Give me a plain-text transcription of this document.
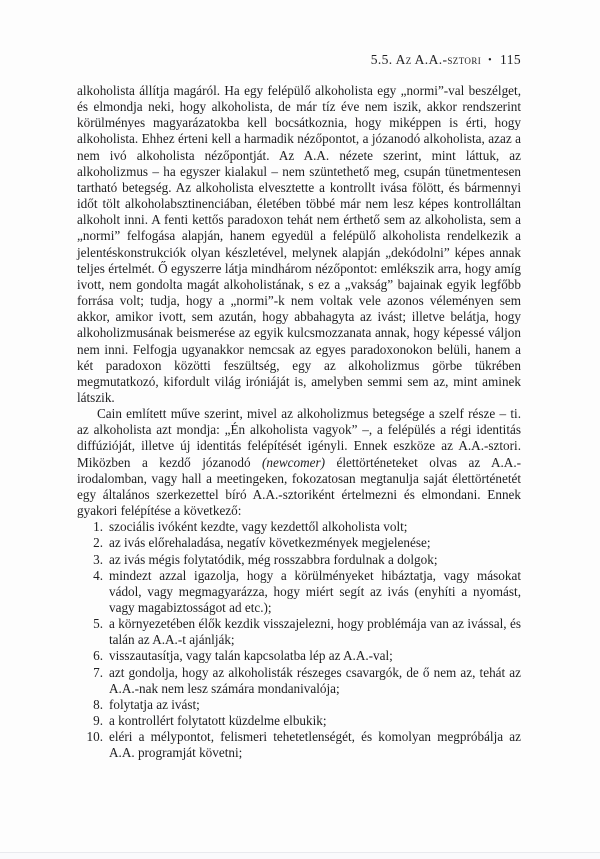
5.5. Az A.A.-sztori • 115

alkoholista állítja magáról. Ha egy felépülő alkoholista egy „normi”-val beszélget, és elmondja neki, hogy alkoholista, de már tíz éve nem iszik, akkor rendszerint körülményes magyarázatokba kell bocsátkoznia, hogy miképpen is érti, hogy alkoholista. Ehhez érteni kell a harmadik nézőpontot, a józanodó alkoholista, azaz a nem ivó alkoholista nézőpontját. Az A.A. nézete szerint, mint láttuk, az alkoholizmus – ha egyszer kialakul – nem szüntethető meg, csupán tünetmentesen tartható betegség. Az alkoholista elvesztette a kontrollt ivása fölött, és bármennyi időt tölt alkoholabsztinenciában, életében többé már nem lesz képes kontrolláltan alkoholt inni. A fenti kettős paradoxon tehát nem érthető sem az alkoholista, sem a „normi” felfogása alapján, hanem egyedül a felépülő alkoholista rendelkezik a jelentéskonstrukciók olyan készletével, melynek alapján „dekódolni” képes annak teljes értelmét. Ő egyszerre látja mindhárom nézőpontot: emlékszik arra, hogy amíg ivott, nem gondolta magát alkoholistának, s ez a „vakság” bajainak egyik legfőbb forrása volt; tudja, hogy a „normi”-k nem voltak vele azonos véleményen sem akkor, amikor ivott, sem azután, hogy abbahagyta az ivást; illetve belátja, hogy alkoholizmusának beismerése az egyik kulcsmozzanata annak, hogy képessé váljon nem inni. Felfogja ugyanakkor nemcsak az egyes paradoxonokon belüli, hanem a két paradoxon közötti feszültség, egy az alkoholizmus görbe tükrében megmutatkozó, kifordult világ iróniáját is, amelyben semmi sem az, mint aminek látszik.

Cain említett műve szerint, mivel az alkoholizmus betegsége a szelf része – ti. az alkoholista azt mondja: „Én alkoholista vagyok” –, a felépülés a régi identitás diffúzióját, illetve új identitás felépítését igényli. Ennek eszköze az A.A.-sztori. Miközben a kezdő józanodó (newcomer) élettörténeteket olvas az A.A.-irodalomban, vagy hall a meetingeken, fokozatosan megtanulja saját élettörténetét egy általános szerkezettel bíró A.A.-sztoriként értelmezni és elmondani. Ennek gyakori felépítése a következő:

1. szociális ivóként kezdte, vagy kezdettől alkoholista volt;
2. az ivás előrehaladása, negatív következmények megjelenése;
3. az ivás mégis folytatódik, még rosszabbra fordulnak a dolgok;
4. mindezt azzal igazolja, hogy a körülményeket hibáztatja, vagy másokat vádol, vagy megmagyarázza, hogy miért segít az ivás (enyhíti a nyomást, vagy magabiztosságot ad etc.);
5. a környezetében élők kezdik visszajelezni, hogy problémája van az ivással, és talán az A.A.-t ajánlják;
6. visszautasítja, vagy talán kapcsolatba lép az A.A.-val;
7. azt gondolja, hogy az alkoholisták részeges csavargók, de ő nem az, tehát az A.A.-nak nem lesz számára mondanivalója;
8. folytatja az ivást;
9. a kontrollért folytatott küzdelme elbukik;
10. eléri a mélypontot, felismeri tehetetlenségét, és komolyan megpróbálja az A.A. programját követni;
